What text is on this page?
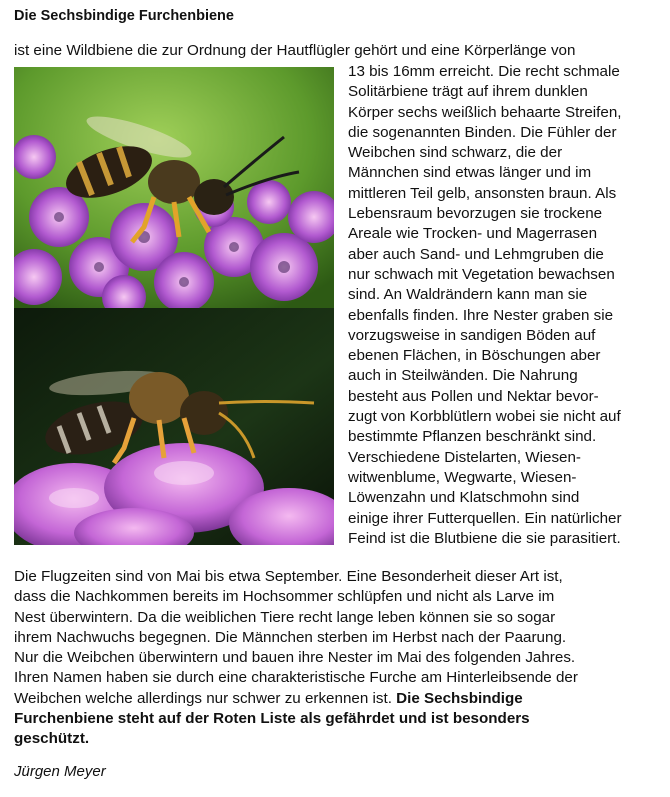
Die Sechsbindige Furchenbiene
ist eine Wildbiene die zur Ordnung der Hautflügler gehört und eine Körperlänge von
13 bis 16mm erreicht. Die recht schmale
Solitärbiene trägt auf ihrem dunklen
Körper sechs weißlich behaarte Streifen,
die sogenannten Binden. Die Fühler der
Weibchen sind schwarz, die der
Männchen sind etwas länger und im
mittleren Teil gelb, ansonsten braun. Als
Lebensraum bevorzugen sie trockene
Areale wie Trocken- und Magerrasen
aber auch Sand- und Lehmgruben die
nur schwach mit Vegetation bewachsen
sind. An Waldrändern kann man sie
ebenfalls finden. Ihre Nester graben sie
vorzugsweise in sandigen Böden auf
ebenen Flächen, in Böschungen aber
auch in Steilwänden. Die Nahrung
besteht aus Pollen und Nektar bevor-
zugt von Korbblütlern wobei sie nicht auf
bestimmte Pflanzen beschränkt sind.
Verschiedene Distelarten, Wiesen-
witwenblume, Wegwarte, Wiesen-
Löwenzahn und Klatschmohn sind
einige ihrer Futterquellen. Ein natürlicher
Feind ist die Blutbiene die sie parasitiert.
Die Flugzeiten sind von Mai bis etwa September. Eine Besonderheit dieser Art ist,
dass die Nachkommen bereits im Hochsommer schlüpfen und nicht als Larve im
Nest überwintern. Da die weiblichen Tiere recht lange leben können sie so sogar
ihrem Nachwuchs begegnen. Die Männchen sterben im Herbst nach der Paarung.
Nur die Weibchen überwintern und bauen ihre Nester im Mai des folgenden Jahres.
Ihren Namen haben sie durch eine charakteristische Furche am Hinterleibsende der
Weibchen welche allerdings nur schwer zu erkennen ist. Die Sechsbindige
Furchenbiene steht auf der Roten Liste als gefährdet und ist besonders
geschützt.
Jürgen Meyer
